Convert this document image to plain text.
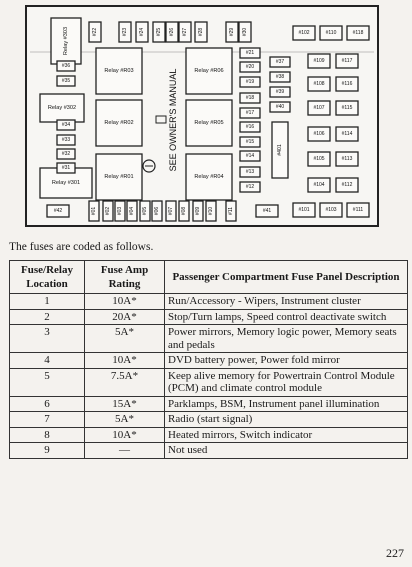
Relay #303
Relay #R03	Relay #R06
Relay #302
Relay #R02	Relay #R05
Relay #R01	Relay #R04
Relay #301
#36
#35
#34
#33
#32
#31
#22	#23 #24 #25 #26 #27 #28	#29 #30	#102	#110	#118
#42	#01 #02 #03 #04 #05 #06 #07 #08 #09 #10	#11	#41	#101	#103	#111
#21
#20
#19
#18
#17
#16
#15
#14
#13
#12
#37
#38
#39
#40
#401
#109
#108
#107
#106
#105
#104
#117
#116
#115
#114
#113
#112
SEE OWNER'S MANUAL
The fuses are coded as follows.
Fuse/Relay Location	Fuse Amp Rating	Passenger Compartment Fuse Panel Description
1	10A*	Run/Accessory - Wipers, Instrument cluster
2	20A*	Stop/Turn lamps, Speed control deactivate switch
3	5A*	Power mirrors, Memory logic power, Memory seats and pedals
4	10A*	DVD battery power, Power fold mirror
5	7.5A*	Keep alive memory for Powertrain Control Module (PCM) and climate control module
6	15A*	Parklamps, BSM, Instrument panel illumination
7	5A*	Radio (start signal)
8	10A*	Heated mirrors, Switch indicator
9	—	Not used
227
